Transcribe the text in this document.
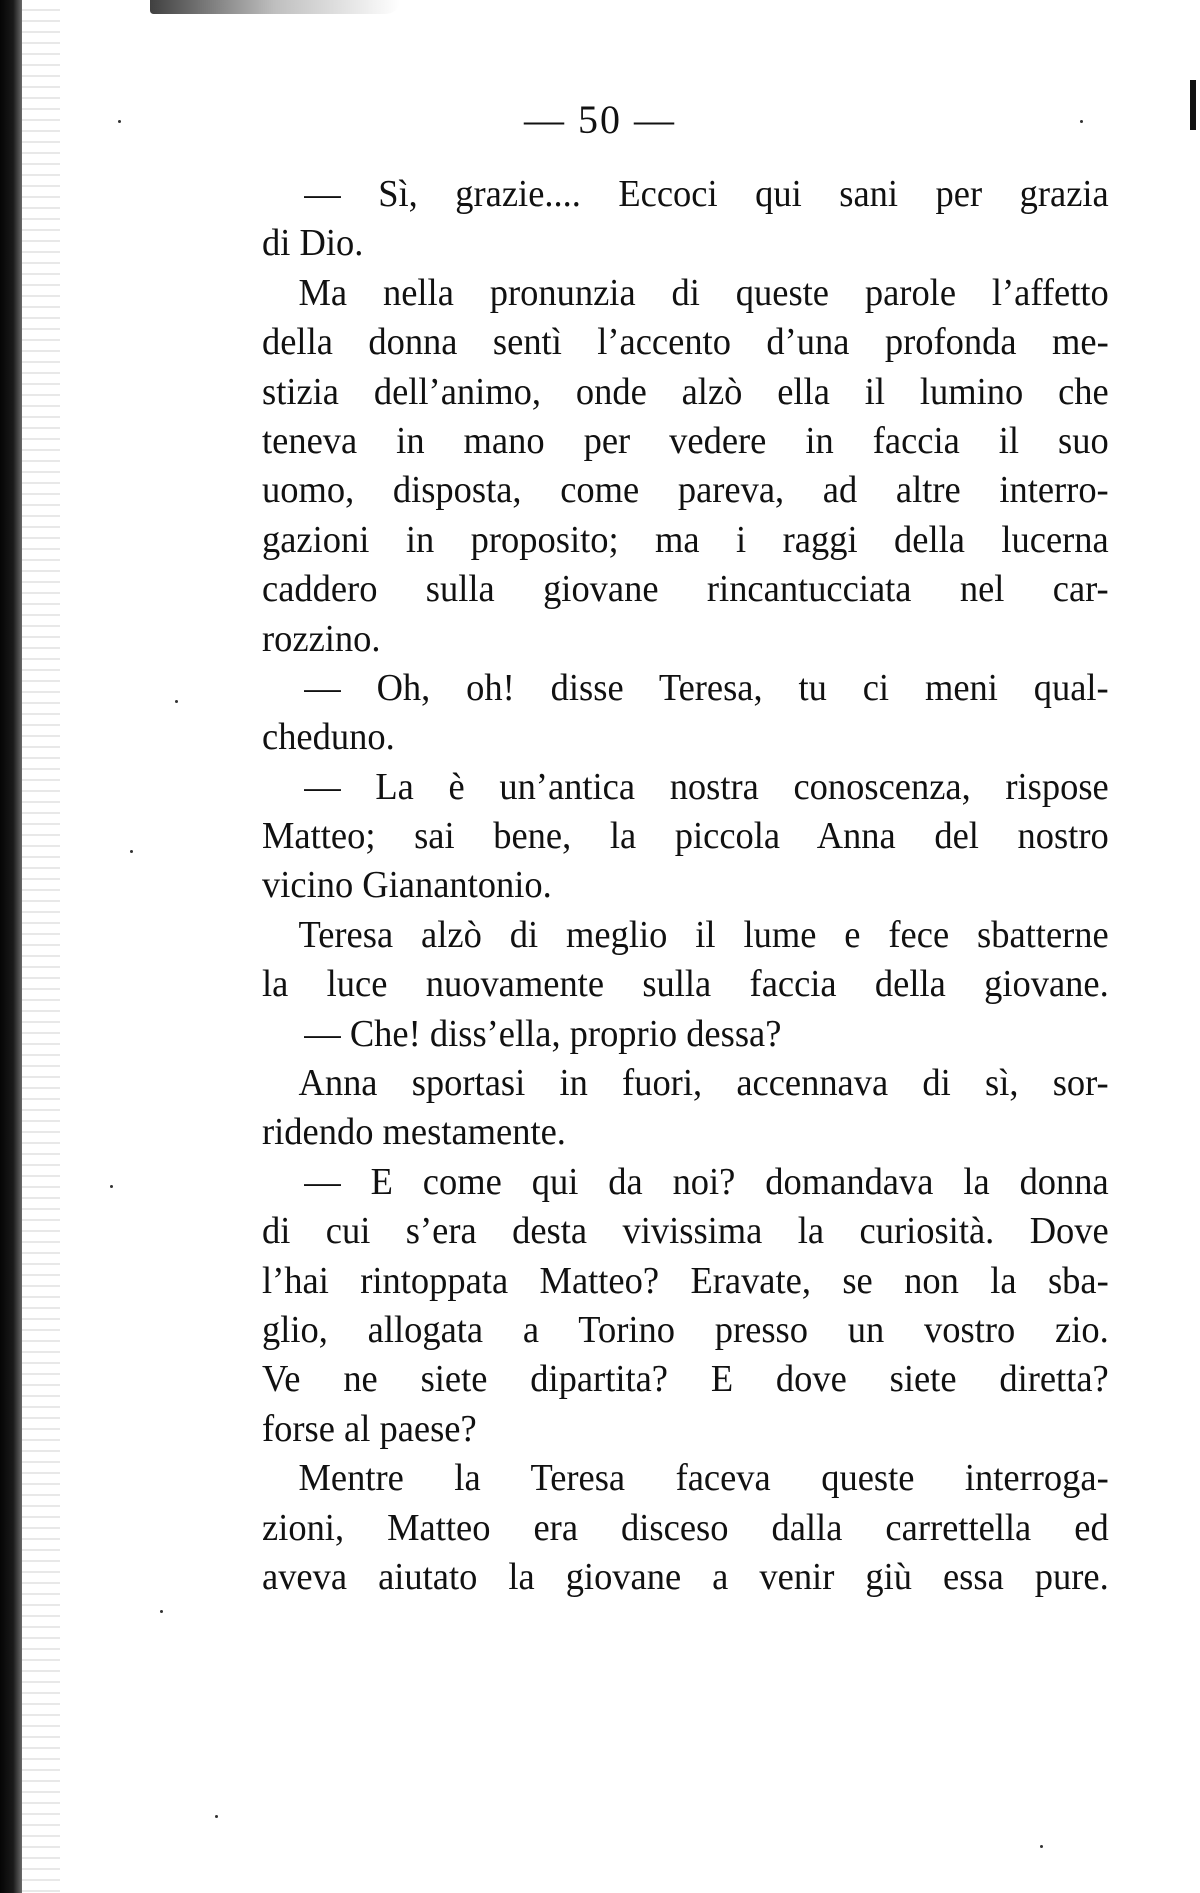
— 50 —
— Sì, grazie.... Eccoci qui sani per grazia
di Dio.
Ma nella pronunzia di queste parole l’affetto
della donna sentì l’accento d’una profonda me-
stizia dell’animo, onde alzò ella il lumino che
teneva in mano per vedere in faccia il suo
uomo, disposta, come pareva, ad altre interro-
gazioni in proposito; ma i raggi della lucerna
caddero sulla giovane rincantucciata nel car-
rozzino.
— Oh, oh! disse Teresa, tu ci meni qual-
cheduno.
— La è un’antica nostra conoscenza, rispose
Matteo; sai bene, la piccola Anna del nostro
vicino Gianantonio.
Teresa alzò di meglio il lume e fece sbatterne
la luce nuovamente sulla faccia della giovane.
— Che! diss’ella, proprio dessa?
Anna sportasi in fuori, accennava di sì, sor-
ridendo mestamente.
— E come qui da noi? domandava la donna
di cui s’era desta vivissima la curiosità. Dove
l’hai rintoppata Matteo? Eravate, se non la sba-
glio, allogata a Torino presso un vostro zio.
Ve ne siete dipartita? E dove siete diretta?
forse al paese?
Mentre la Teresa faceva queste interroga-
zioni, Matteo era disceso dalla carrettella ed
aveva aiutato la giovane a venir giù essa pure.
